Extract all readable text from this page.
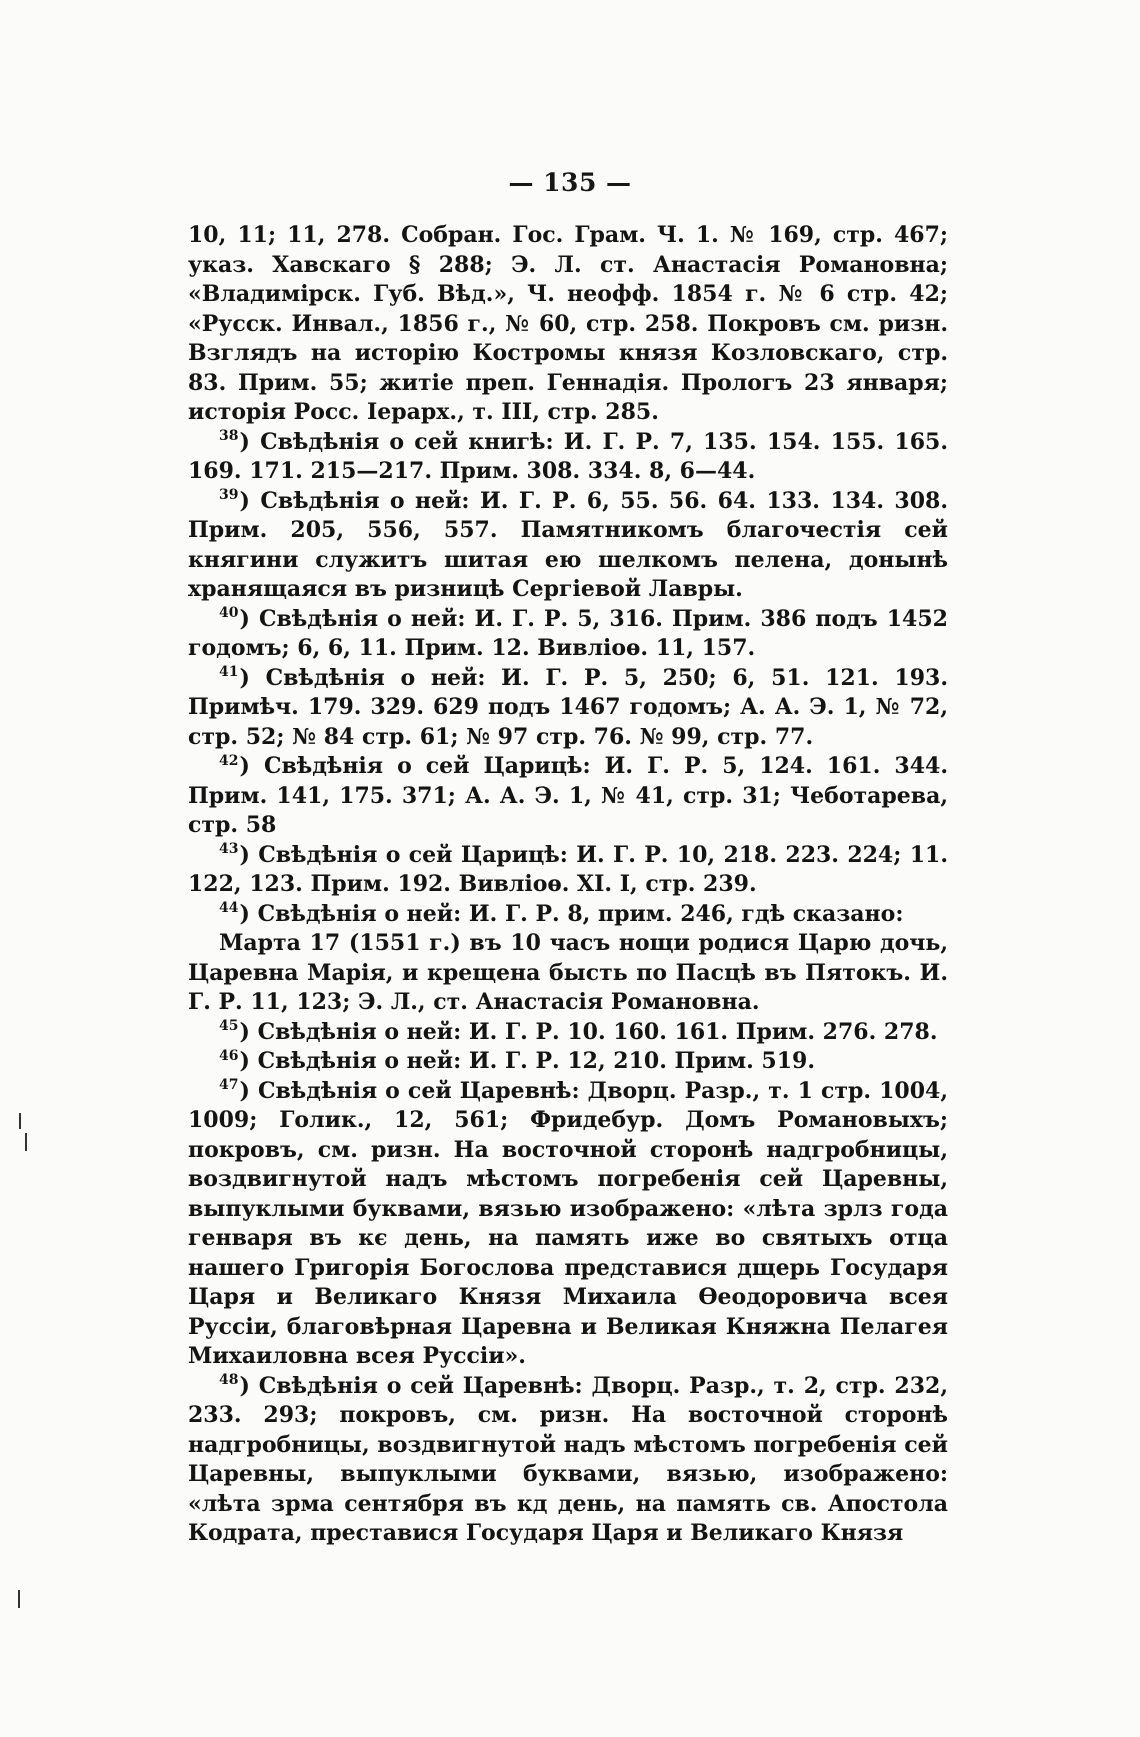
— 135 —

10, 11; 11, 278. Собран. Гос. Грам. Ч. 1. № 169, стр. 467; указ. Хавскаго § 288; Э. Л. ст. Анастасія Романовна; «Владимірск. Губ. Вѣд.», Ч. неофф. 1854 г. № 6 стр. 42; «Русск. Инвал., 1856 г., № 60, стр. 258. Покровъ см. ризн. Взглядъ на исторію Костромы князя Козловскаго, стр. 83. Прим. 55; житіе преп. Геннадія. Прологъ 23 января; исторія Росс. Іерарх., т. III, стр. 285.

$^{38}$) Свѣдѣнія о сей книгѣ: И. Г. Р. 7, 135. 154. 155. 165. 169. 171. 215—217. Прим. 308. 334. 8, 6—44.

$^{39}$) Свѣдѣнія о ней: И. Г. Р. 6, 55. 56. 64. 133. 134. 308. Прим. 205, 556, 557. Памятникомъ благочестія сей княгини служитъ шитая ею шелкомъ пелена, донынѣ хранящаяся въ ризницѣ Сергіевой Лавры.

$^{40}$) Свѣдѣнія о ней: И. Г. Р. 5, 316. Прим. 386 подъ 1452 годомъ; 6, 6, 11. Прим. 12. Вивліоѳ. 11, 157.

$^{41}$) Свѣдѣнія о ней: И. Г. Р. 5, 250; 6, 51. 121. 193. Примѣч. 179. 329. 629 подъ 1467 годомъ; А. А. Э. 1, № 72, стр. 52; № 84 стр. 61; № 97 стр. 76. № 99, стр. 77.

$^{42}$) Свѣдѣнія о сей Царицѣ: И. Г. Р. 5, 124. 161. 344. Прим. 141, 175. 371; А. А. Э. 1, № 41, стр. 31; Чеботарева, стр. 58

$^{43}$) Свѣдѣнія о сей Царицѣ: И. Г. Р. 10, 218. 223. 224; 11. 122, 123. Прим. 192. Вивліоѳ. XI. I, стр. 239.

$^{44}$) Свѣдѣнія о ней: И. Г. Р. 8, прим. 246, гдѣ сказано:

Марта 17 (1551 г.) въ 10 часъ нощи родися Царю дочь, Царевна Марія, и крещена бысть по Пасцѣ въ Пятокъ. И. Г. Р. 11, 123; Э. Л., ст. Анастасія Романовна.

$^{45}$) Свѣдѣнія о ней: И. Г. Р. 10. 160. 161. Прим. 276. 278.

$^{46}$) Свѣдѣнія о ней: И. Г. Р. 12, 210. Прим. 519.

$^{47}$) Свѣдѣнія о сей Царевнѣ: Дворц. Разр., т. 1 стр. 1004, 1009; Голик., 12, 561; Фридебур. Домъ Романовыхъ; покровъ, см. ризн. На восточной сторонѣ надгробницы, воздвигнутой надъ мѣстомъ погребенія сей Царевны, выпуклыми буквами, вязью изображено: «лѣта зрлз года генваря въ кє день, на память иже во святыхъ отца нашего Григорія Богослова представися дщерь Государя Царя и Великаго Князя Михаила Ѳеодоровича всея Руссіи, благовѣрная Царевна и Великая Княжна Пелагея Михаиловна всея Руссіи».

$^{48}$) Свѣдѣнія о сей Царевнѣ: Дворц. Разр., т. 2, стр. 232, 233. 293; покровъ, см. ризн. На восточной сторонѣ надгробницы, воздвигнутой надъ мѣстомъ погребенія сей Царевны, выпуклыми буквами, вязью, изображено: «лѣта зрма сентября въ кд день, на память св. Апостола Кодрата, преставися Государя Царя и Великаго Князя
